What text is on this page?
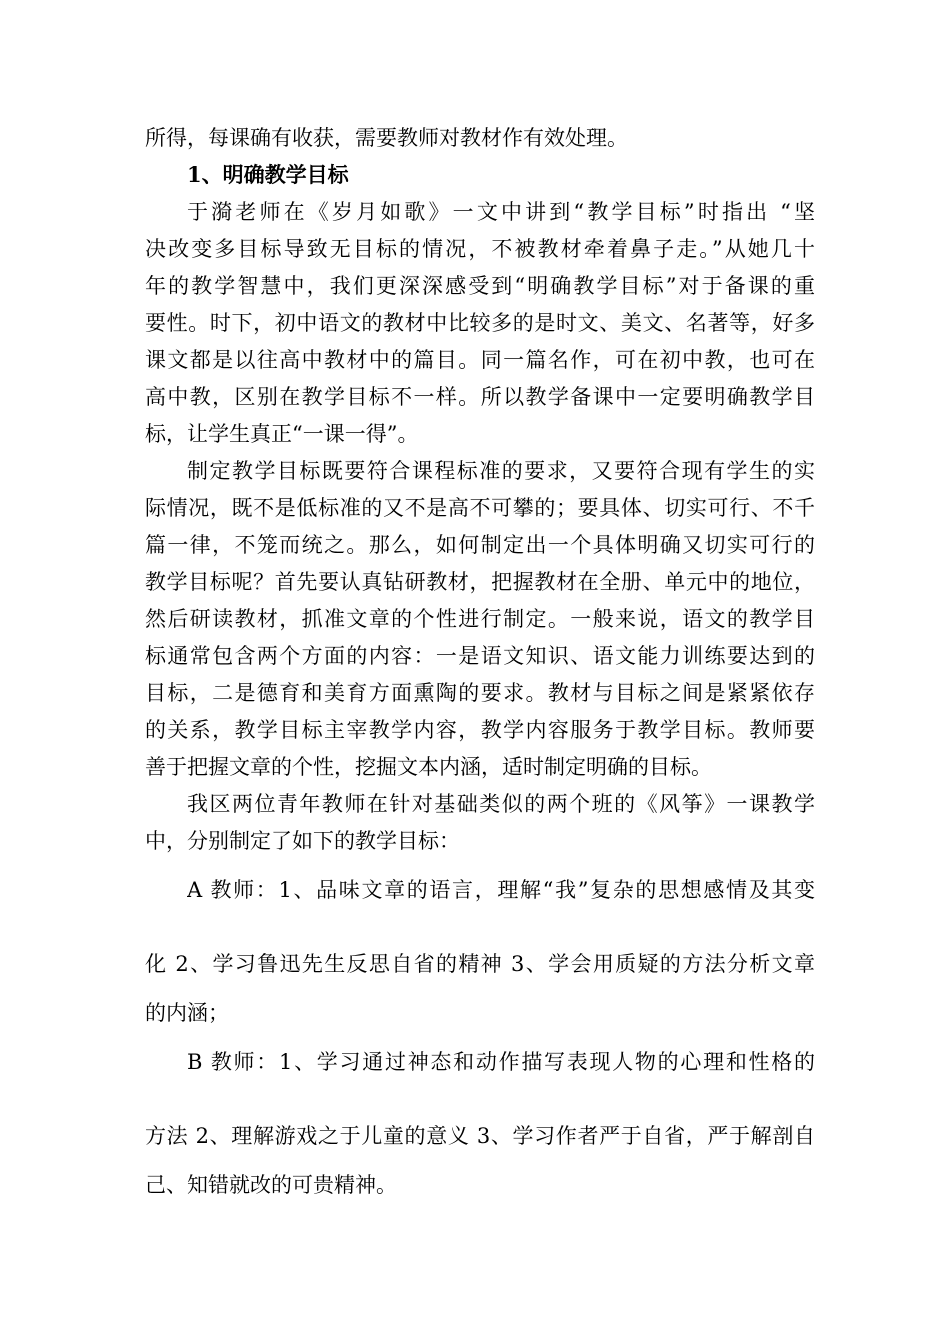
所得，每课确有收获，需要教师对教材作有效处理。
1、明确教学目标
于漪老师在《岁月如歌》一文中讲到“教学目标”时指出 “坚
决改变多目标导致无目标的情况，不被教材牵着鼻子走。”从她几十
年的教学智慧中，我们更深深感受到“明确教学目标”对于备课的重
要性。时下，初中语文的教材中比较多的是时文、美文、名著等，好多
课文都是以往高中教材中的篇目。同一篇名作，可在初中教，也可在
高中教，区别在教学目标不一样。所以教学备课中一定要明确教学目
标，让学生真正“一课一得”。
制定教学目标既要符合课程标准的要求，又要符合现有学生的实
际情况，既不是低标准的又不是高不可攀的；要具体、切实可行、不千
篇一律，不笼而统之。那么，如何制定出一个具体明确又切实可行的
教学目标呢？首先要认真钻研教材，把握教材在全册、单元中的地位，
然后研读教材，抓准文章的个性进行制定。一般来说，语文的教学目
标通常包含两个方面的内容：一是语文知识、语文能力训练要达到的
目标，二是德育和美育方面熏陶的要求。教材与目标之间是紧紧依存
的关系，教学目标主宰教学内容，教学内容服务于教学目标。教师要
善于把握文章的个性，挖掘文本内涵，适时制定明确的目标。
我区两位青年教师在针对基础类似的两个班的《风筝》一课教学
中，分别制定了如下的教学目标：
A 教师：1、品味文章的语言，理解“我”复杂的思想感情及其变
化 2、学习鲁迅先生反思自省的精神 3、学会用质疑的方法分析文章
的内涵；
B 教师：1、学习通过神态和动作描写表现人物的心理和性格的
方法 2、理解游戏之于儿童的意义 3、学习作者严于自省，严于解剖自
己、知错就改的可贵精神。
